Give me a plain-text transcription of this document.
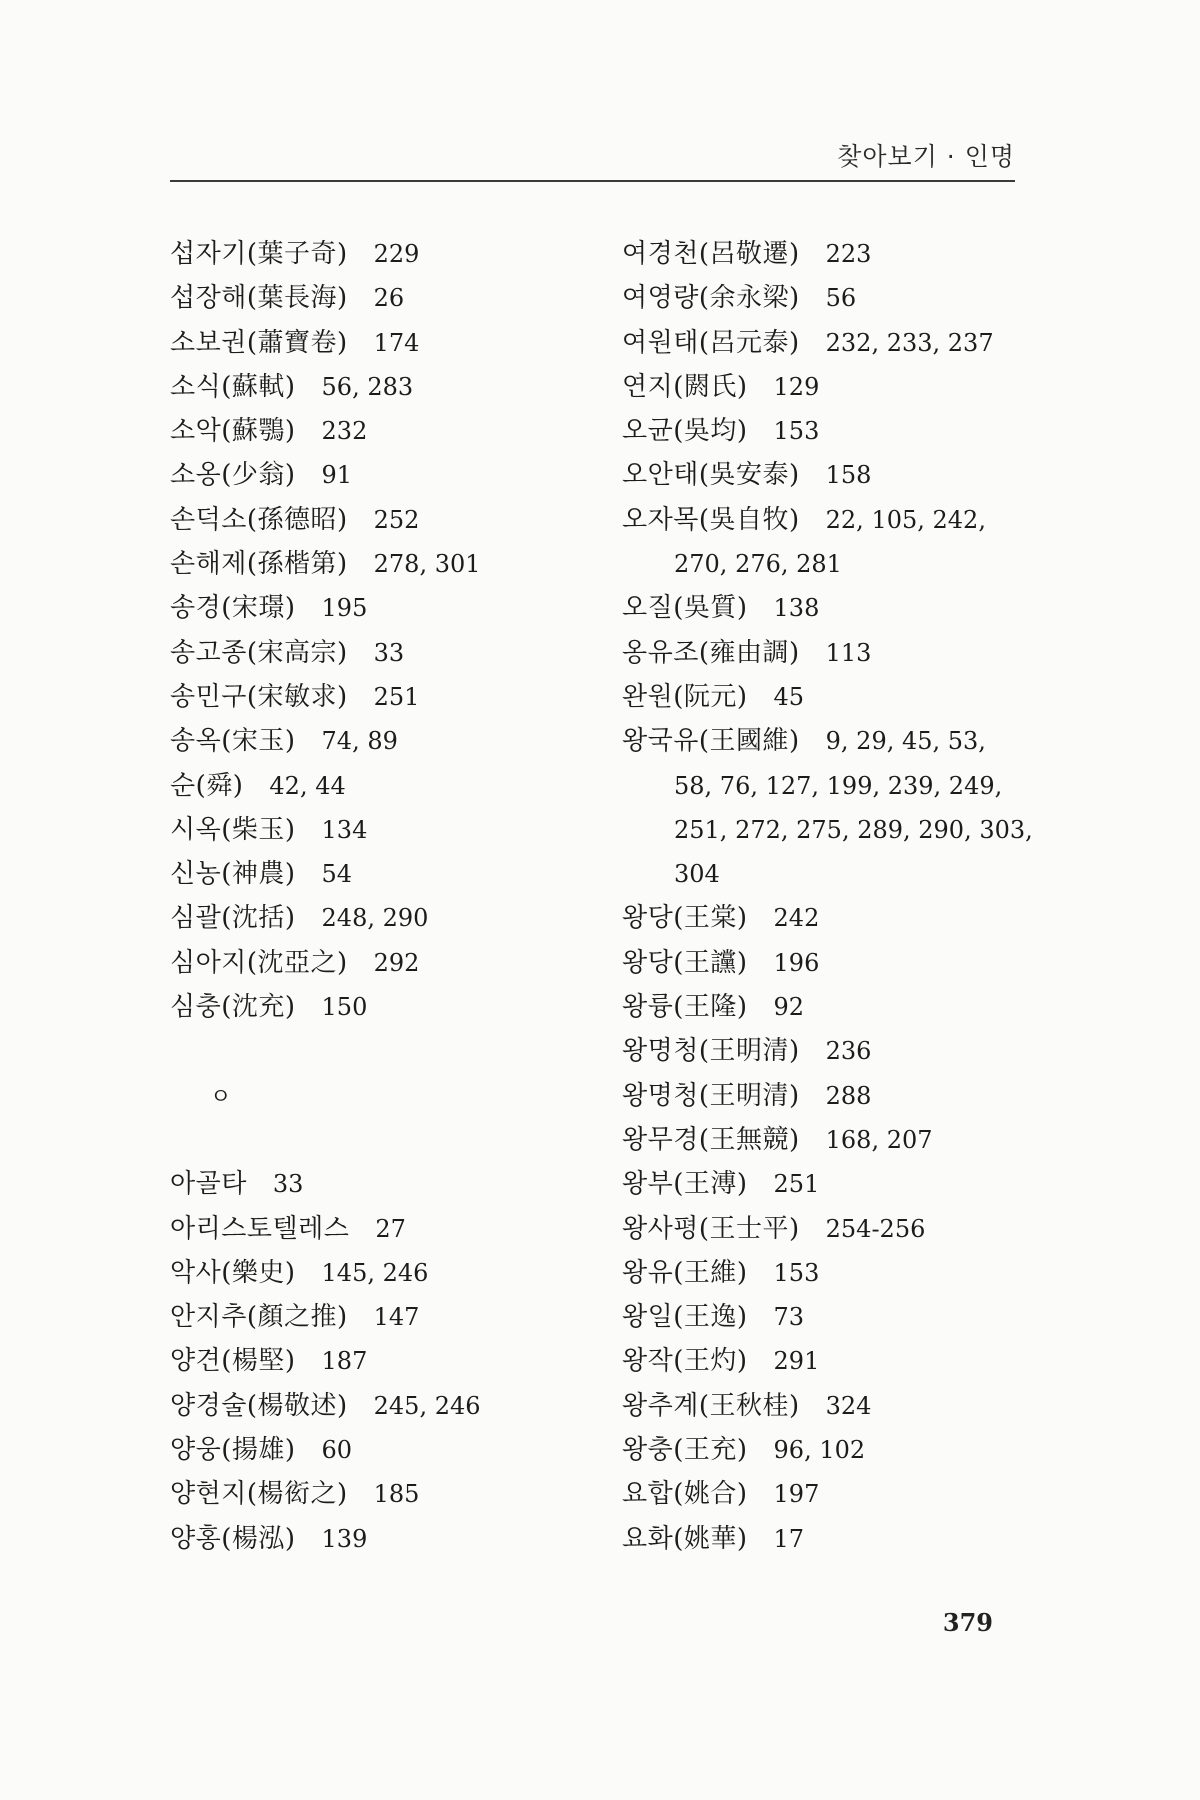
찾아보기 · 인명
섭자기(葉子奇) 229
섭장해(葉長海) 26
소보권(蕭寶卷) 174
소식(蘇軾) 56, 283
소악(蘇鶚) 232
소옹(少翁) 91
손덕소(孫德昭) 252
손해제(孫楷第) 278, 301
송경(宋璟) 195
송고종(宋高宗) 33
송민구(宋敏求) 251
송옥(宋玉) 74, 89
순(舜) 42, 44
시옥(柴玉) 134
신농(神農) 54
심괄(沈括) 248, 290
심아지(沈亞之) 292
심충(沈充) 150
ㅇ
아골타 33
아리스토텔레스 27
악사(樂史) 145, 246
안지추(顏之推) 147
양견(楊堅) 187
양경술(楊敬述) 245, 246
양웅(揚雄) 60
양현지(楊衒之) 185
양홍(楊泓) 139
여경천(呂敬遷) 223
여영량(余永梁) 56
여원태(呂元泰) 232, 233, 237
연지(閼氏) 129
오균(吳均) 153
오안태(吳安泰) 158
오자목(吳自牧) 22, 105, 242,
270, 276, 281
오질(吳質) 138
옹유조(雍由調) 113
완원(阮元) 45
왕국유(王國維) 9, 29, 45, 53,
58, 76, 127, 199, 239, 249,
251, 272, 275, 289, 290, 303,
304
왕당(王棠) 242
왕당(王讜) 196
왕륭(王隆) 92
왕명청(王明清) 236
왕명청(王明清) 288
왕무경(王無競) 168, 207
왕부(王溥) 251
왕사평(王士平) 254-256
왕유(王維) 153
왕일(王逸) 73
왕작(王灼) 291
왕추계(王秋桂) 324
왕충(王充) 96, 102
요합(姚合) 197
요화(姚華) 17
379
